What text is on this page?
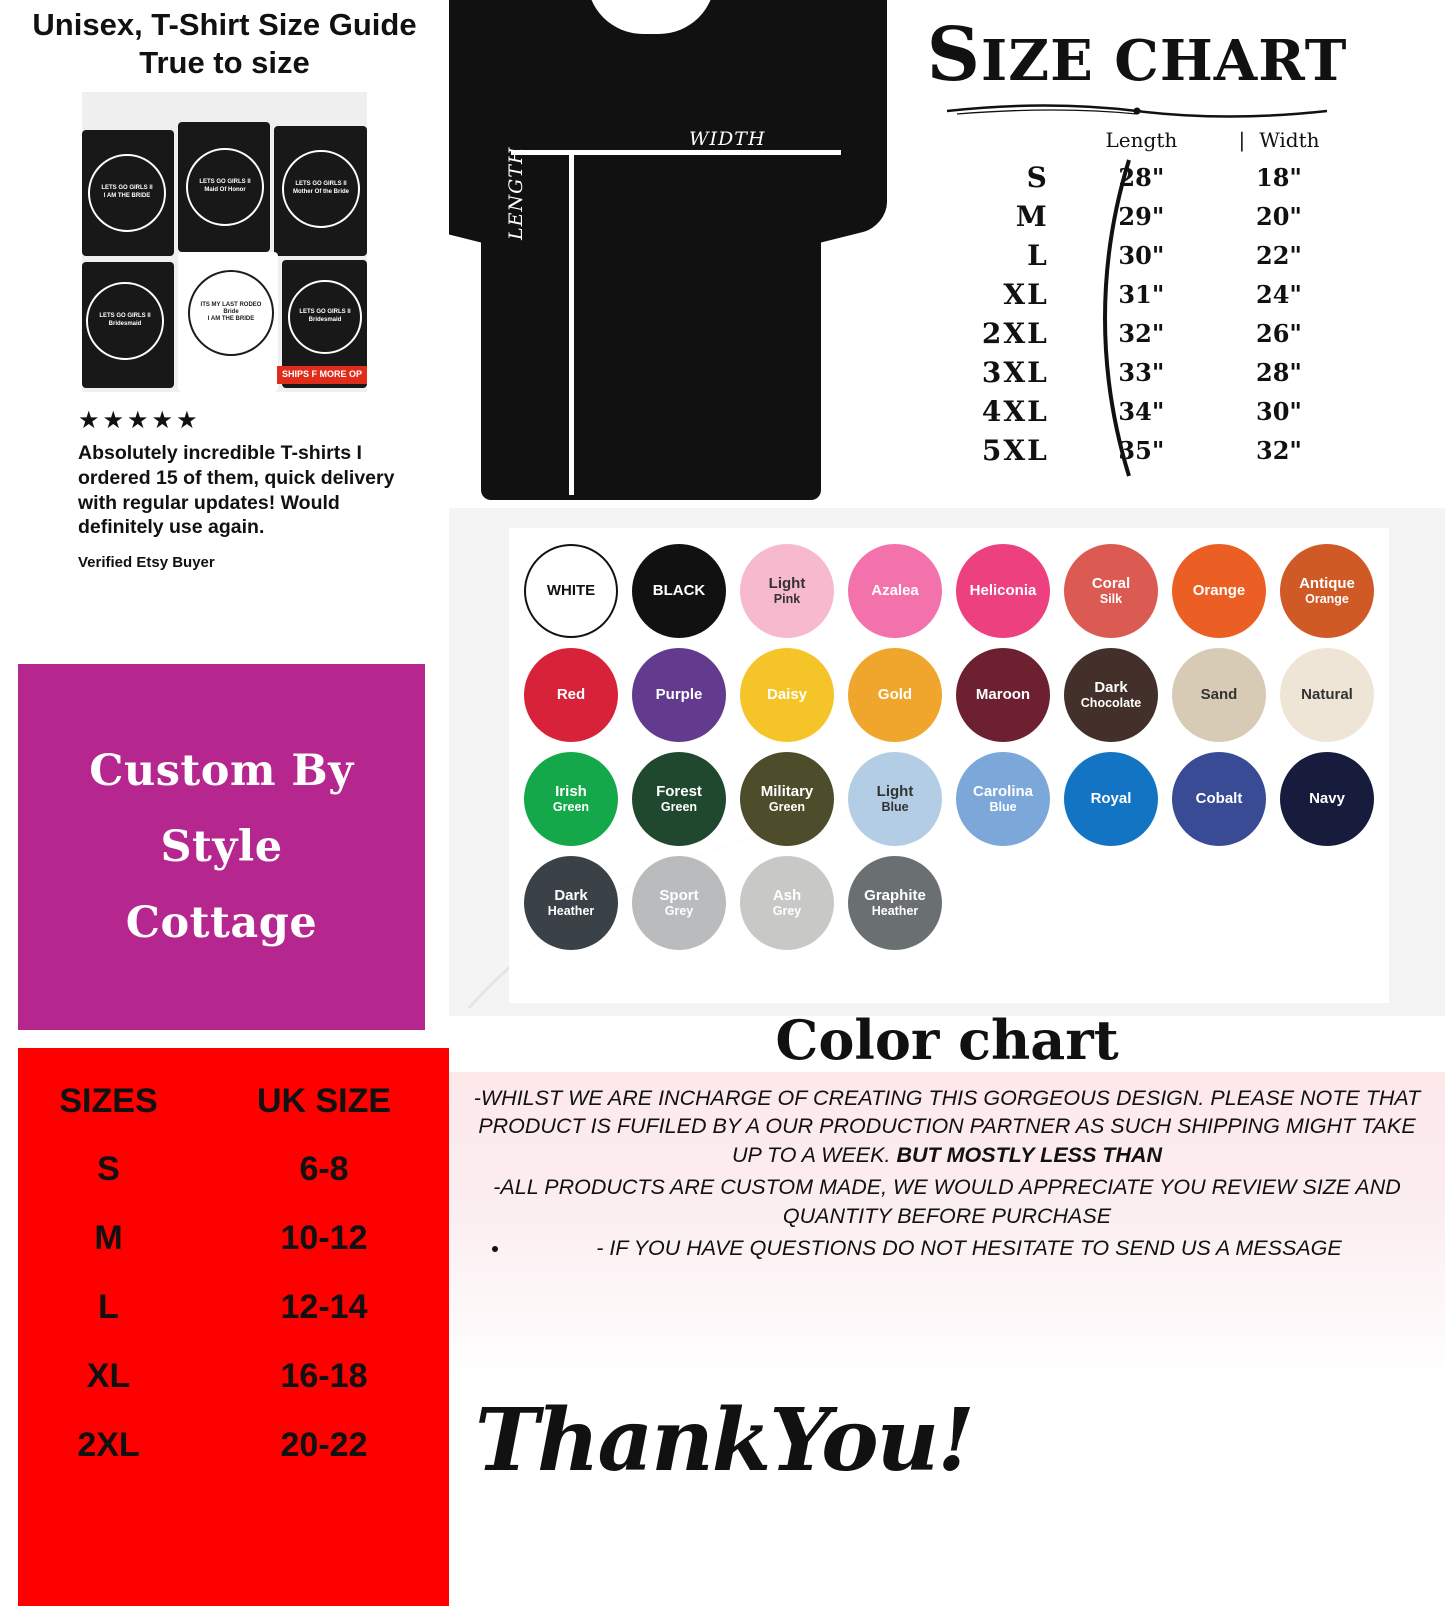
Unisex, T-Shirt Size Guide
True to size
LETS GO GIRLS ll
I AM THE BRIDE
LETS GO GIRLS ll
Maid Of Honor
LETS GO GIRLS ll
Mother Of the Bride
LETS GO GIRLS ll
Bridesmaid
ITS MY LAST RODEO
Bride
I AM THE BRIDE
LETS GO GIRLS ll
Bridesmaid
SHIPS F MORE OP
★★★★★
Absolutely incredible T-shirts I ordered 15 of them, quick delivery with regular updates! Would definitely use again.
Verified Etsy Buyer
Custom By
Style
Cottage
SIZES	UK SIZE
S	6-8
M	10-12
L	12-14
XL	16-18
2XL	20-22
WIDTH
LENGTH
SIZE CHART
	Length	| Width
S	28"	18"
M	29"	20"
L	30"	22"
XL	31"	24"
2XL	32"	26"
3XL	33"	28"
4XL	34"	30"
5XL	35"	32"
WHITE	BLACK	Light
Pink
Azalea	Heliconia	Coral
Silk
Orange	Antique
Orange
Red	Purple	Daisy	Gold	Maroon	Dark
Chocolate
Sand	Natural
Irish
Green
Forest
Green
Military
Green
Light
Blue
Carolina
Blue
Royal	Cobalt	Navy
Dark
Heather
Sport
Grey
Ash
Grey
Graphite
Heather
Color chart

-WHILST WE ARE INCHARGE OF CREATING THIS GORGEOUS DESIGN. PLEASE NOTE THAT PRODUCT IS FUFILED BY A OUR PRODUCTION PARTNER AS SUCH SHIPPING MIGHT TAKE UP TO A WEEK. BUT MOSTLY LESS THAN

-ALL PRODUCTS ARE CUSTOM MADE, WE WOULD APPRECIATE YOU REVIEW SIZE AND QUANTITY BEFORE PURCHASE

• - IF YOU HAVE QUESTIONS DO NOT HESITATE TO SEND US A MESSAGE
ThankYou!
